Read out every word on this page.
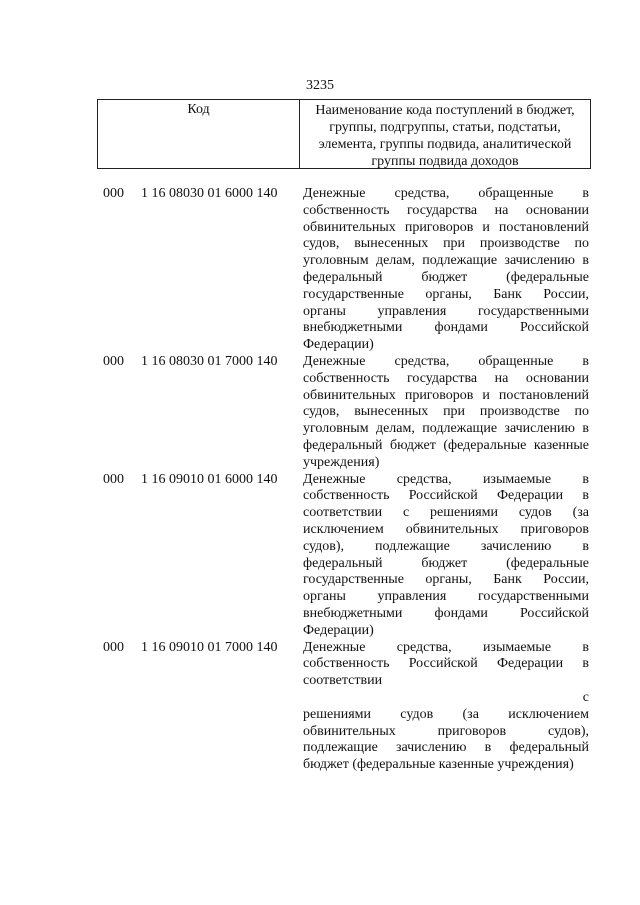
3235
Код	Наименование кода поступлений в бюджет, группы, подгруппы, статьи, подстатьи, элемента, группы подвида, аналитической группы подвида доходов
000	1 16 08030 01 6000 140	Денежные средства, обращенные в
собственность государства на основании
обвинительных приговоров и постановлений
судов, вынесенных при производстве по
уголовным делам, подлежащие зачислению в
федеральный бюджет (федеральные
государственные органы, Банк России,
органы управления государственными
внебюджетными фондами Российской
Федерации)
000	1 16 08030 01 7000 140	Денежные средства, обращенные в
собственность государства на основании
обвинительных приговоров и постановлений
судов, вынесенных при производстве по
уголовным делам, подлежащие зачислению в
федеральный бюджет (федеральные казенные
учреждения)
000	1 16 09010 01 6000 140	Денежные средства, изымаемые в
собственность Российской Федерации в
соответствии с решениями судов (за
исключением обвинительных приговоров
судов), подлежащие зачислению в
федеральный бюджет (федеральные
государственные органы, Банк России,
органы управления государственными
внебюджетными фондами Российской
Федерации)
000	1 16 09010 01 7000 140	Денежные средства, изымаемые в
собственность Российской Федерации в
соответствии
с
решениями судов (за исключением
обвинительных приговоров судов),
подлежащие зачислению в федеральный
бюджет (федеральные казенные учреждения)
